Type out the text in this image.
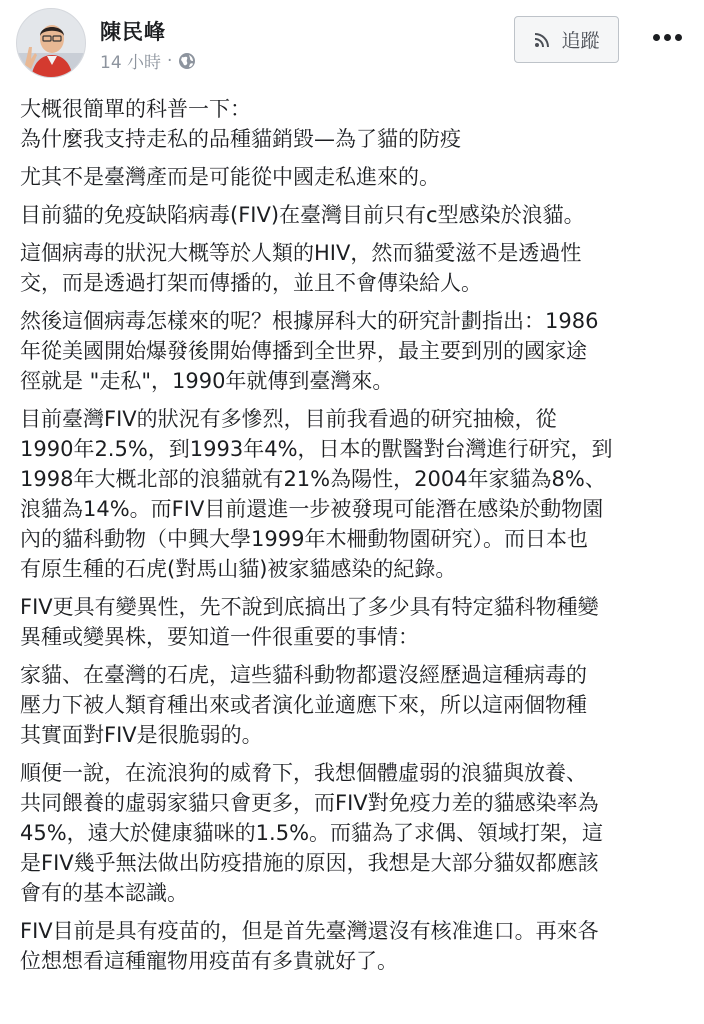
陳民峰
14 小時 ·
追蹤
大概很簡單的科普一下：
為什麼我支持走私的品種貓銷毀—為了貓的防疫
尤其不是臺灣產而是可能從中國走私進來的。
目前貓的免疫缺陷病毒(FIV)在臺灣目前只有c型感染於浪貓。
這個病毒的狀況大概等於人類的HIV，然而貓愛滋不是透過性
交，而是透過打架而傳播的，並且不會傳染給人。
然後這個病毒怎樣來的呢？根據屏科大的研究計劃指出：1986
年從美國開始爆發後開始傳播到全世界，最主要到別的國家途
徑就是 "走私"，1990年就傳到臺灣來。
目前臺灣FIV的狀況有多慘烈，目前我看過的研究抽檢，從
1990年2.5%，到1993年4%，日本的獸醫對台灣進行研究，到
1998年大概北部的浪貓就有21%為陽性，2004年家貓為8%、
浪貓為14%。而FIV目前還進一步被發現可能潛在感染於動物園
內的貓科動物（中興大學1999年木柵動物園研究）。而日本也
有原生種的石虎(對馬山貓)被家貓感染的紀錄。
FIV更具有變異性，先不說到底搞出了多少具有特定貓科物種變
異種或變異株，要知道一件很重要的事情：
家貓、在臺灣的石虎，這些貓科動物都還沒經歷過這種病毒的
壓力下被人類育種出來或者演化並適應下來，所以這兩個物種
其實面對FIV是很脆弱的。
順便一說，在流浪狗的威脅下，我想個體虛弱的浪貓與放養、
共同餵養的虛弱家貓只會更多，而FIV對免疫力差的貓感染率為
45%，遠大於健康貓咪的1.5%。而貓為了求偶、領域打架，這
是FIV幾乎無法做出防疫措施的原因，我想是大部分貓奴都應該
會有的基本認識。
FIV目前是具有疫苗的，但是首先臺灣還沒有核准進口。再來各
位想想看這種寵物用疫苗有多貴就好了。
